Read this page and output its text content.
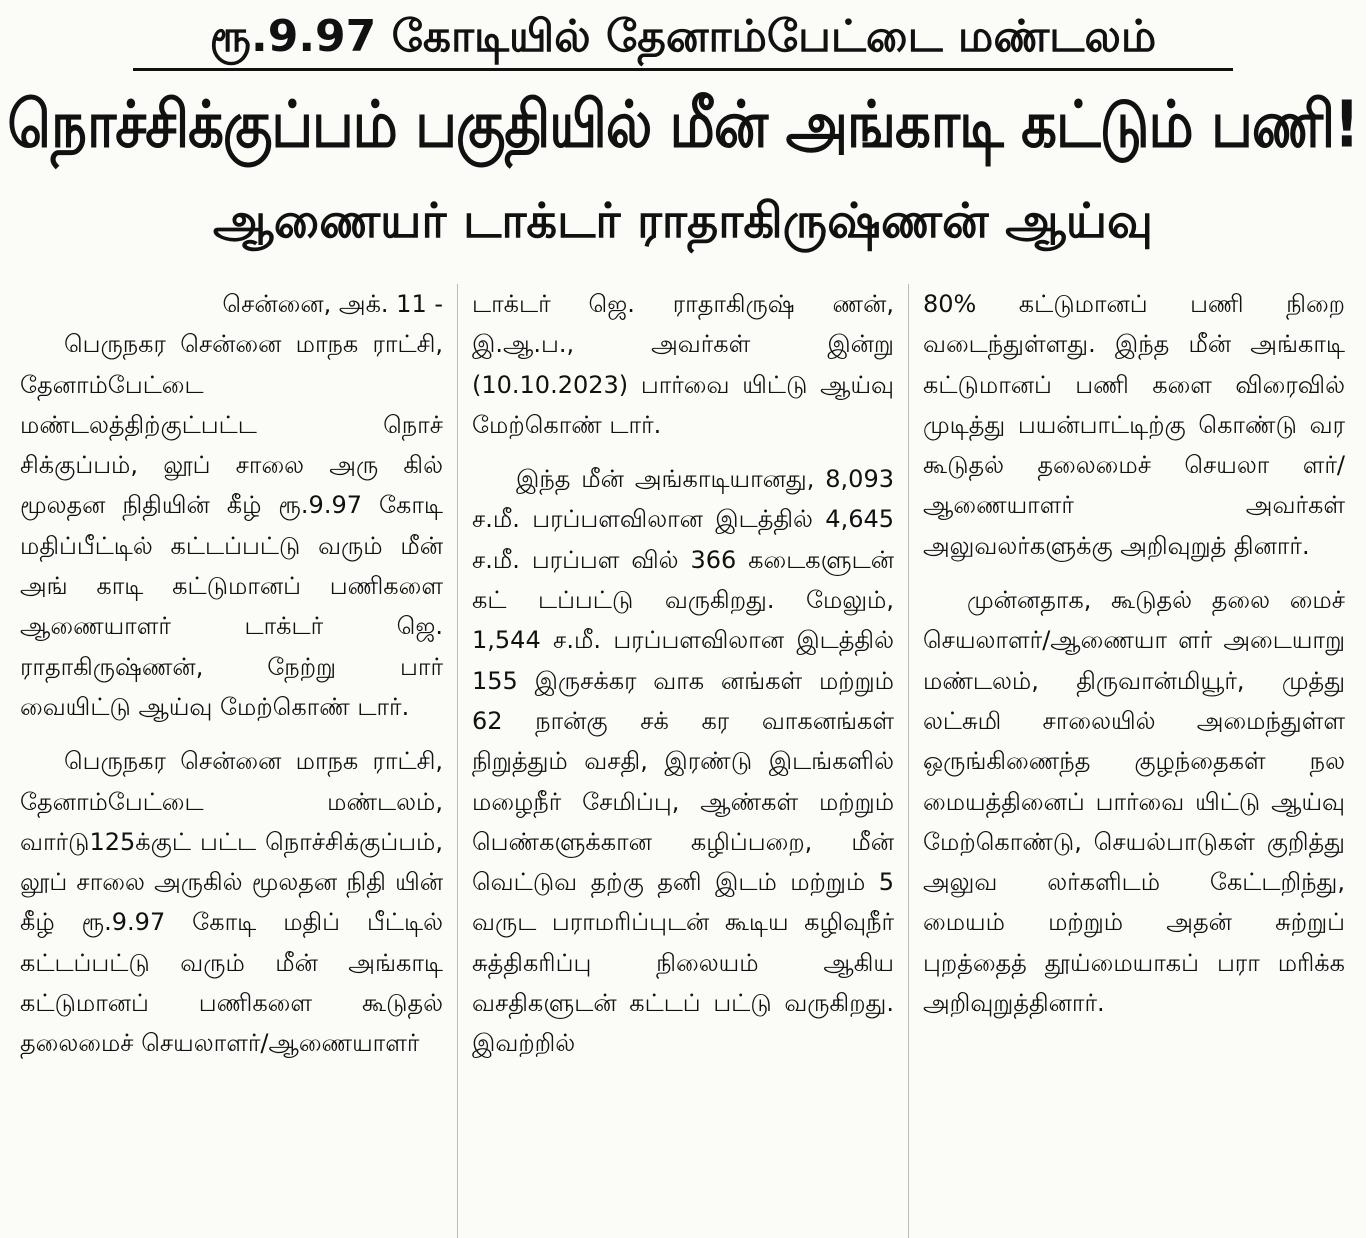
ரூ.9.97 கோடியில் தேனாம்பேட்டை மண்டலம்
நொச்சிக்குப்பம் பகுதியில் மீன் அங்காடி கட்டும் பணி!
ஆணையர் டாக்டர் ராதாகிருஷ்ணன் ஆய்வு

சென்னை, அக். 11 -

பெருநகர சென்னை மாநக ராட்சி, தேனாம்பேட்டை மண்டலத்திற்குட்பட்ட நொச் சிக்குப்பம், லூப் சாலை அரு கில் மூலதன நிதியின் கீழ் ரூ.9.97 கோடி மதிப்பீட்டில் கட்டப்பட்டு வரும் மீன் அங் காடி கட்டுமானப் பணிகளை ஆணையாளர் டாக்டர் ஜெ. ராதாகிருஷ்ணன், நேற்று பார் வையிட்டு ஆய்வு மேற்கொண் டார்.

பெருநகர சென்னை மாநக ராட்சி, தேனாம்பேட்டை மண்டலம், வார்டு125க்குட் பட்ட நொச்சிக்குப்பம், லூப் சாலை அருகில் மூலதன நிதி யின் கீழ் ரூ.9.97 கோடி மதிப் பீட்டில் கட்டப்பட்டு வரும் மீன் அங்காடி கட்டுமானப் பணிகளை கூடுதல் தலைமைச் செயலாளர்/ஆணையாளர்

டாக்டர் ஜெ. ராதாகிருஷ் ணன், இ.ஆ.ப., அவர்கள் இன்று (10.10.2023) பார்வை யிட்டு ஆய்வு மேற்கொண் டார்.

இந்த மீன் அங்காடியானது, 8,093 ச.மீ. பரப்பளவிலான இடத்தில் 4,645 ச.மீ. பரப்பள வில் 366 கடைகளுடன் கட் டப்பட்டு வருகிறது. மேலும், 1,544 ச.மீ. பரப்பளவிலான இடத்தில் 155 இருசக்கர வாக னங்கள் மற்றும் 62 நான்கு சக் கர வாகனங்கள் நிறுத்தும் வசதி, இரண்டு இடங்களில் மழைநீர் சேமிப்பு, ஆண்கள் மற்றும் பெண்களுக்கான கழிப்பறை, மீன் வெட்டுவ தற்கு தனி இடம் மற்றும் 5 வருட பராமரிப்புடன் கூடிய கழிவுநீர் சுத்திகரிப்பு நிலையம் ஆகிய வசதிகளுடன் கட்டப் பட்டு வருகிறது. இவற்றில்

80% கட்டுமானப் பணி நிறை வடைந்துள்ளது. இந்த மீன் அங்காடி கட்டுமானப் பணி களை விரைவில் முடித்து பயன்பாட்டிற்கு கொண்டு வர கூடுதல் தலைமைச் செயலா ளர்/ஆணையாளர் அவர்கள் அலுவலர்களுக்கு அறிவுறுத் தினார்.

முன்னதாக, கூடுதல் தலை மைச் செயலாளர்/ஆணையா ளர் அடையாறு மண்டலம், திருவான்மியூர், முத்து லட்சுமி சாலையில் அமைந்துள்ள ஒருங்கிணைந்த குழந்தைகள் நல மையத்தினைப் பார்வை யிட்டு ஆய்வு மேற்கொண்டு, செயல்பாடுகள் குறித்து அலுவ லர்களிடம் கேட்டறிந்து, மையம் மற்றும் அதன் சுற்றுப் புறத்தைத் தூய்மையாகப் பரா மரிக்க அறிவுறுத்தினார்.
